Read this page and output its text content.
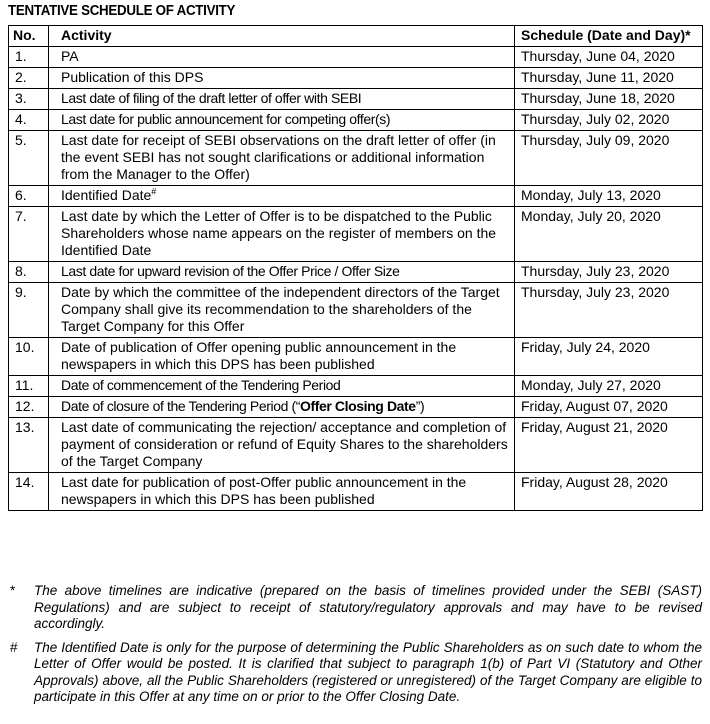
TENTATIVE SCHEDULE OF ACTIVITY
No.	Activity	Schedule (Date and Day)*
1.	PA	Thursday, June 04, 2020
2.	Publication of this DPS	Thursday, June 11, 2020
3.	Last date of filing of the draft letter of offer with SEBI	Thursday, June 18, 2020
4.	Last date for public announcement for competing offer(s)	Thursday, July 02, 2020
5.	Last date for receipt of SEBI observations on the draft letter of offer (in the event SEBI has not sought clarifications or additional information from the Manager to the Offer)	Thursday, July 09, 2020
6.	Identified Date#	Monday, July 13, 2020
7.	Last date by which the Letter of Offer is to be dispatched to the Public Shareholders whose name appears on the register of members on the Identified Date	Monday, July 20, 2020
8.	Last date for upward revision of the Offer Price / Offer Size	Thursday, July 23, 2020
9.	Date by which the committee of the independent directors of the Target Company shall give its recommendation to the shareholders of the Target Company for this Offer	Thursday, July 23, 2020
10.	Date of publication of Offer opening public announcement in the newspapers in which this DPS has been published	Friday, July 24, 2020
11.	Date of commencement of the Tendering Period	Monday, July 27, 2020
12.	Date of closure of the Tendering Period (“Offer Closing Date”)	Friday, August 07, 2020
13.	Last date of communicating the rejection/ acceptance and completion of payment of consideration or refund of Equity Shares to the shareholders of the Target Company	Friday, August 21, 2020
14.	Last date for publication of post-Offer public announcement in the newspapers in which this DPS has been published	Friday, August 28, 2020
*	The above timelines are indicative (prepared on the basis of timelines provided under the SEBI (SAST) Regulations) and are subject to receipt of statutory/regulatory approvals and may have to be revised accordingly.
#	The Identified Date is only for the purpose of determining the Public Shareholders as on such date to whom the Letter of Offer would be posted. It is clarified that subject to paragraph 1(b) of Part VI (Statutory and Other Approvals) above, all the Public Shareholders (registered or unregistered) of the Target Company are eligible to participate in this Offer at any time on or prior to the Offer Closing Date.
